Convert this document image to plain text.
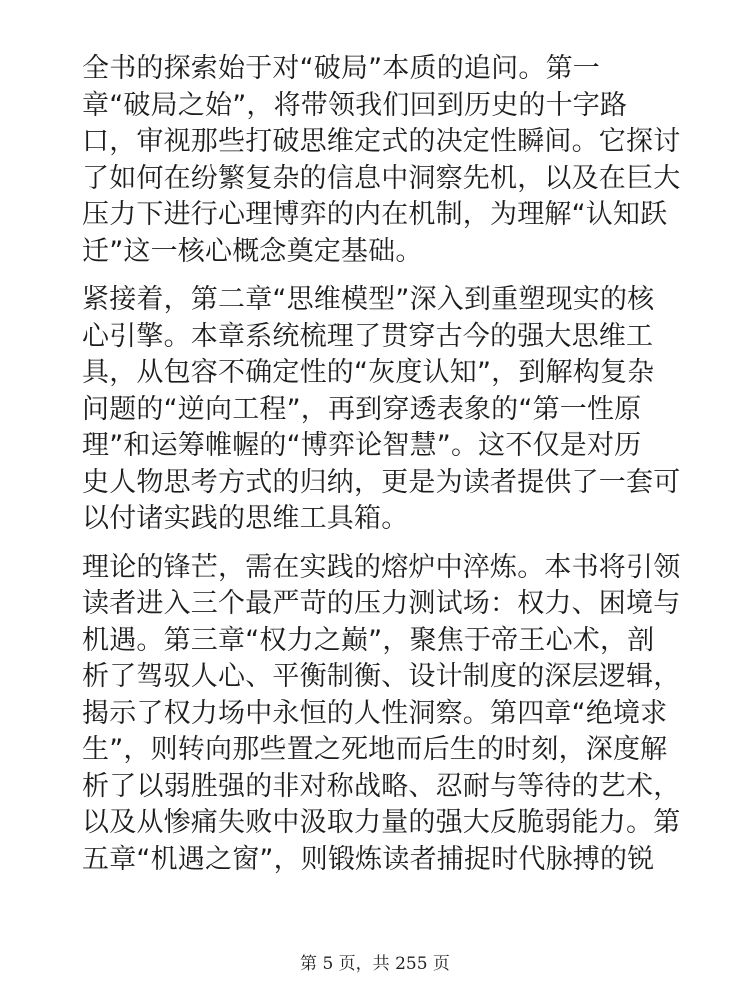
全书的探索始于对“破局”本质的追问。第一
章“破局之始”，将带领我们回到历史的十字路
口，审视那些打破思维定式的决定性瞬间。它探讨
了如何在纷繁复杂的信息中洞察先机，以及在巨大
压力下进行心理博弈的内在机制，为理解“认知跃
迁”这一核心概念奠定基础。
紧接着，第二章“思维模型”深入到重塑现实的核
心引擎。本章系统梳理了贯穿古今的强大思维工
具，从包容不确定性的“灰度认知”，到解构复杂
问题的“逆向工程”，再到穿透表象的“第一性原
理”和运筹帷幄的“博弈论智慧”。这不仅是对历
史人物思考方式的归纳，更是为读者提供了一套可
以付诸实践的思维工具箱。
理论的锋芒，需在实践的熔炉中淬炼。本书将引领
读者进入三个最严苛的压力测试场：权力、困境与
机遇。第三章“权力之巅”，聚焦于帝王心术，剖
析了驾驭人心、平衡制衡、设计制度的深层逻辑，
揭示了权力场中永恒的人性洞察。第四章“绝境求
生”，则转向那些置之死地而后生的时刻，深度解
析了以弱胜强的非对称战略、忍耐与等待的艺术，
以及从惨痛失败中汲取力量的强大反脆弱能力。第
五章“机遇之窗”，则锻炼读者捕捉时代脉搏的锐
第 5 页，共 255 页
